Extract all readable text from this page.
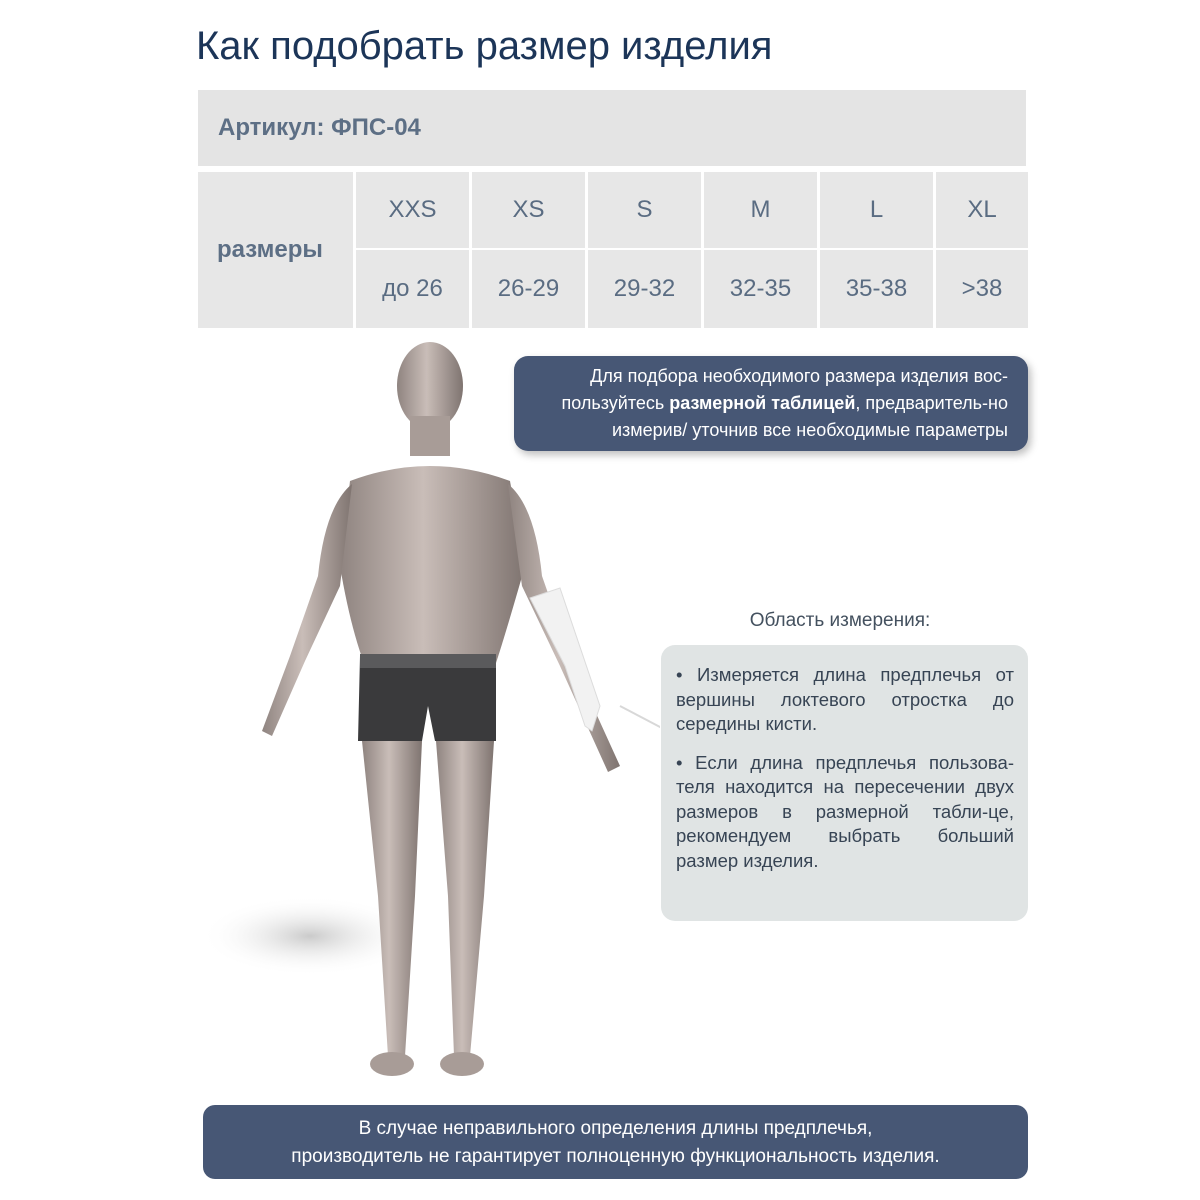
Как подобрать размер изделия
Артикул: ФПС-04
размеры	XXS	XS	S	M	L	XL
	до 26	26-29	29-32	32-35	35-38	>38
Для подбора необходимого размера изделия вос-пользуйтесь размерной таблицей, предваритель-но измерив/ уточнив все необходимые параметры
Область измерения:

• Измеряется длина предплечья от вершины локтевого отростка до середины кисти.

• Если длина предплечья пользова-теля находится на пересечении двух размеров в размерной табли-це, рекомендуем выбрать больший размер изделия.

В случае неправильного определения длины предплечья,
производитель не гарантирует полноценную функциональность изделия.
